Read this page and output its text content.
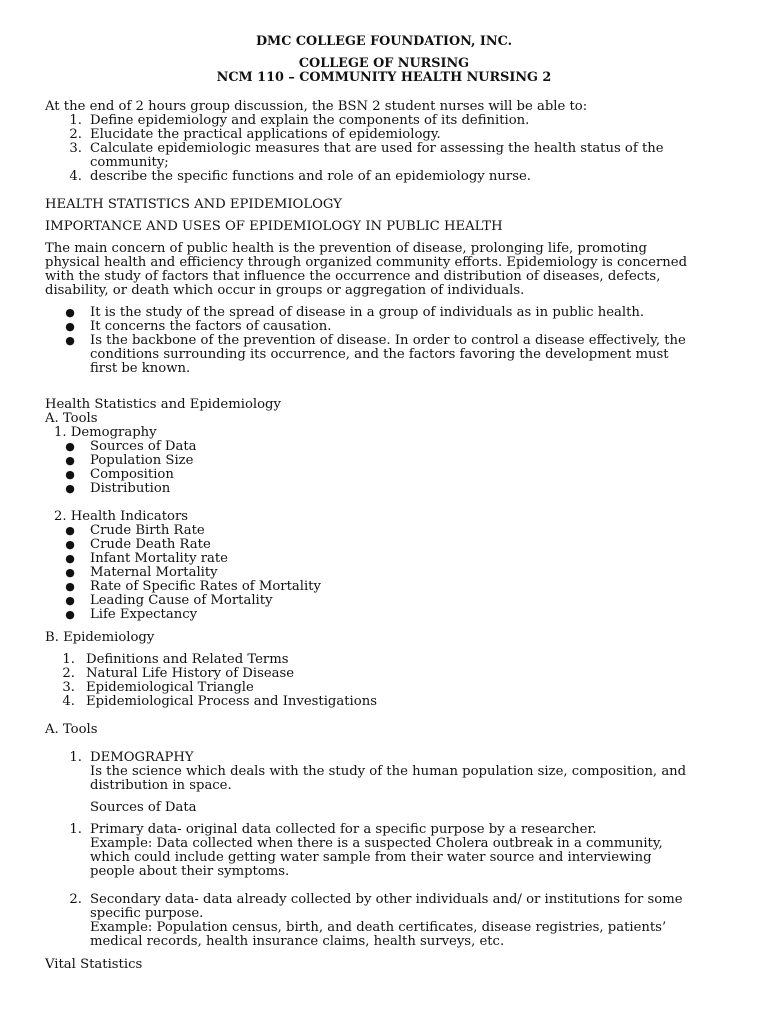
DMC COLLEGE FOUNDATION, INC.
COLLEGE OF NURSING
NCM 110 – COMMUNITY HEALTH NURSING 2
At the end of 2 hours group discussion, the BSN 2 student nurses will be able to:
1. Define epidemiology and explain the components of its definition.
2. Elucidate the practical applications of epidemiology.
3. Calculate epidemiologic measures that are used for assessing the health status of the
community;
4. describe the specific functions and role of an epidemiology nurse.
HEALTH STATISTICS AND EPIDEMIOLOGY
IMPORTANCE AND USES OF EPIDEMIOLOGY IN PUBLIC HEALTH
The main concern of public health is the prevention of disease, prolonging life, promoting
physical health and efficiency through organized community efforts. Epidemiology is concerned
with the study of factors that influence the occurrence and distribution of diseases, defects,
disability, or death which occur in groups or aggregation of individuals.
● It is the study of the spread of disease in a group of individuals as in public health.
● It concerns the factors of causation.
● Is the backbone of the prevention of disease. In order to control a disease effectively, the
conditions surrounding its occurrence, and the factors favoring the development must
first be known.
Health Statistics and Epidemiology
A. Tools
1. Demography
● Sources of Data
● Population Size
● Composition
● Distribution
2. Health Indicators
● Crude Birth Rate
● Crude Death Rate
● Infant Mortality rate
● Maternal Mortality
● Rate of Specific Rates of Mortality
● Leading Cause of Mortality
● Life Expectancy
B. Epidemiology
1. Definitions and Related Terms
2. Natural Life History of Disease
3. Epidemiological Triangle
4. Epidemiological Process and Investigations
A. Tools
1. DEMOGRAPHY
Is the science which deals with the study of the human population size, composition, and
distribution in space.
Sources of Data
1. Primary data- original data collected for a specific purpose by a researcher.
Example: Data collected when there is a suspected Cholera outbreak in a community,
which could include getting water sample from their water source and interviewing
people about their symptoms.
2. Secondary data- data already collected by other individuals and/ or institutions for some
specific purpose.
Example: Population census, birth, and death certificates, disease registries, patients’
medical records, health insurance claims, health surveys, etc.
Vital Statistics
